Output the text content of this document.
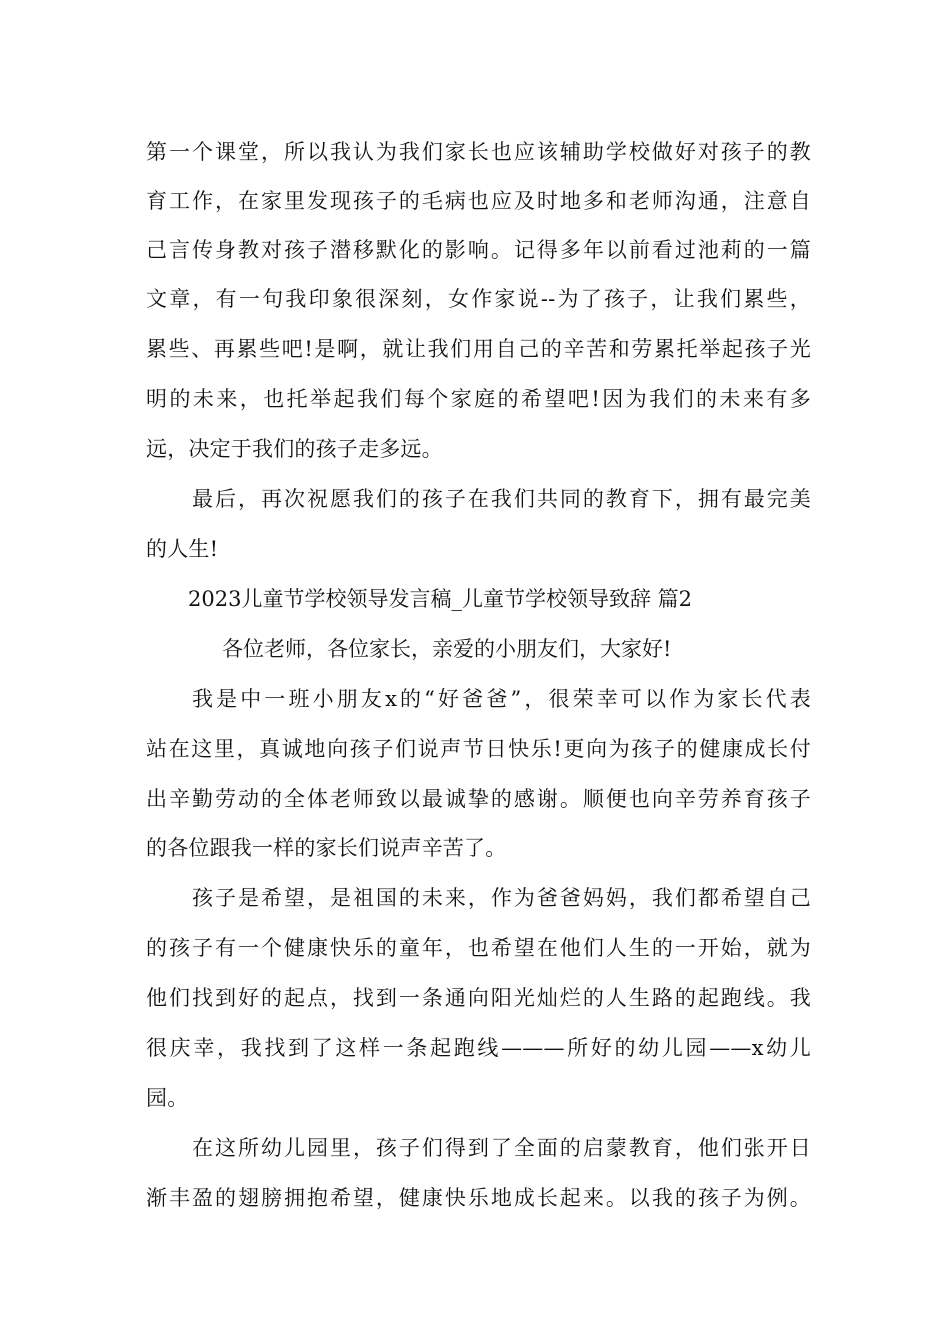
第一个课堂，所以我认为我们家长也应该辅助学校做好对孩子的教
育工作，在家里发现孩子的毛病也应及时地多和老师沟通，注意自
己言传身教对孩子潜移默化的影响。记得多年以前看过池莉的一篇
文章，有一句我印象很深刻，女作家说--为了孩子，让我们累些，
累些、再累些吧!是啊，就让我们用自己的辛苦和劳累托举起孩子光
明的未来，也托举起我们每个家庭的希望吧!因为我们的未来有多
远，决定于我们的孩子走多远。
最后，再次祝愿我们的孩子在我们共同的教育下，拥有最完美
的人生!
2023儿童节学校领导发言稿_儿童节学校领导致辞 篇2
各位老师，各位家长，亲爱的小朋友们，大家好!
我是中一班小朋友x的“好爸爸”，很荣幸可以作为家长代表
站在这里，真诚地向孩子们说声节日快乐!更向为孩子的健康成长付
出辛勤劳动的全体老师致以最诚挚的感谢。顺便也向辛劳养育孩子
的各位跟我一样的家长们说声辛苦了。
孩子是希望，是祖国的未来，作为爸爸妈妈，我们都希望自己
的孩子有一个健康快乐的童年，也希望在他们人生的一开始，就为
他们找到好的起点，找到一条通向阳光灿烂的人生路的起跑线。我
很庆幸，我找到了这样一条起跑线———所好的幼儿园——x幼儿
园。
在这所幼儿园里，孩子们得到了全面的启蒙教育，他们张开日
渐丰盈的翅膀拥抱希望，健康快乐地成长起来。以我的孩子为例。
